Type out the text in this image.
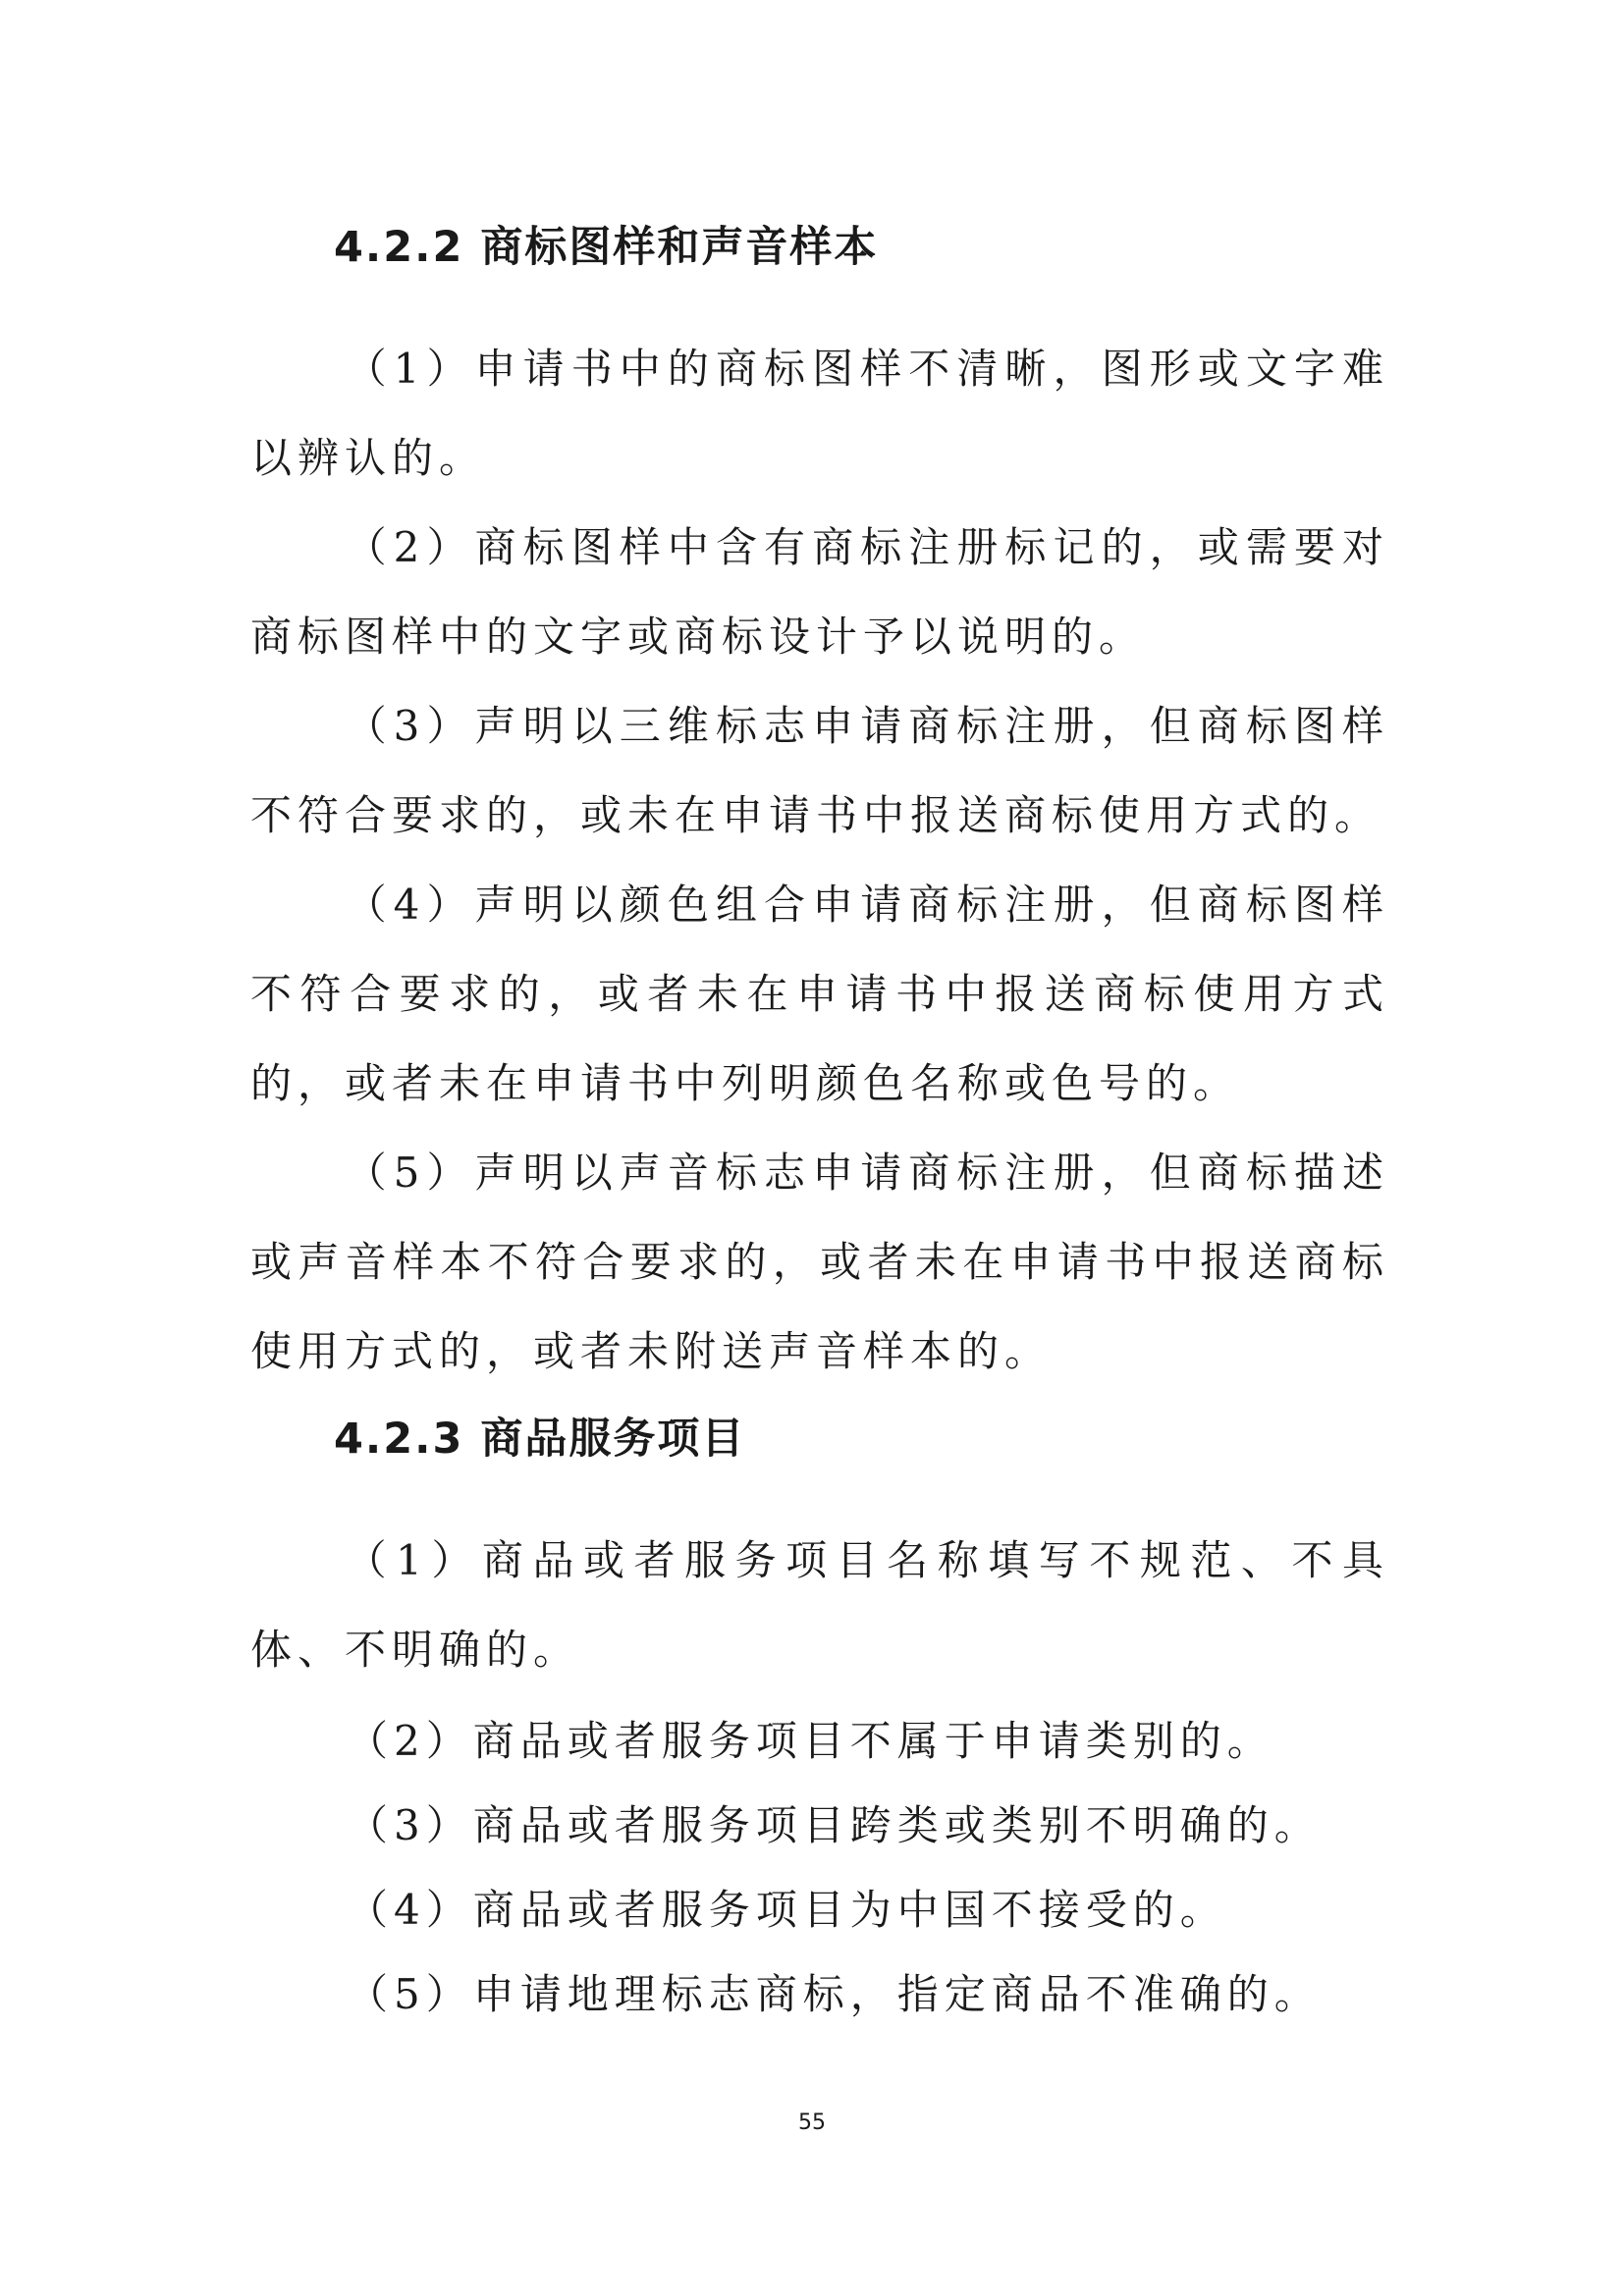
4.2.2 商标图样和声音样本

（1）申请书中的商标图样不清晰，图形或文字难以辨认的。

（2）商标图样中含有商标注册标记的，或需要对商标图样中的文字或商标设计予以说明的。

（3）声明以三维标志申请商标注册，但商标图样不符合要求的，或未在申请书中报送商标使用方式的。

（4）声明以颜色组合申请商标注册，但商标图样不符合要求的，或者未在申请书中报送商标使用方式的，或者未在申请书中列明颜色名称或色号的。

（5）声明以声音标志申请商标注册，但商标描述或声音样本不符合要求的，或者未在申请书中报送商标使用方式的，或者未附送声音样本的。

4.2.3 商品服务项目

（1）商品或者服务项目名称填写不规范、不具体、不明确的。

（2）商品或者服务项目不属于申请类别的。
（3）商品或者服务项目跨类或类别不明确的。
（4）商品或者服务项目为中国不接受的。
（5）申请地理标志商标，指定商品不准确的。
55
